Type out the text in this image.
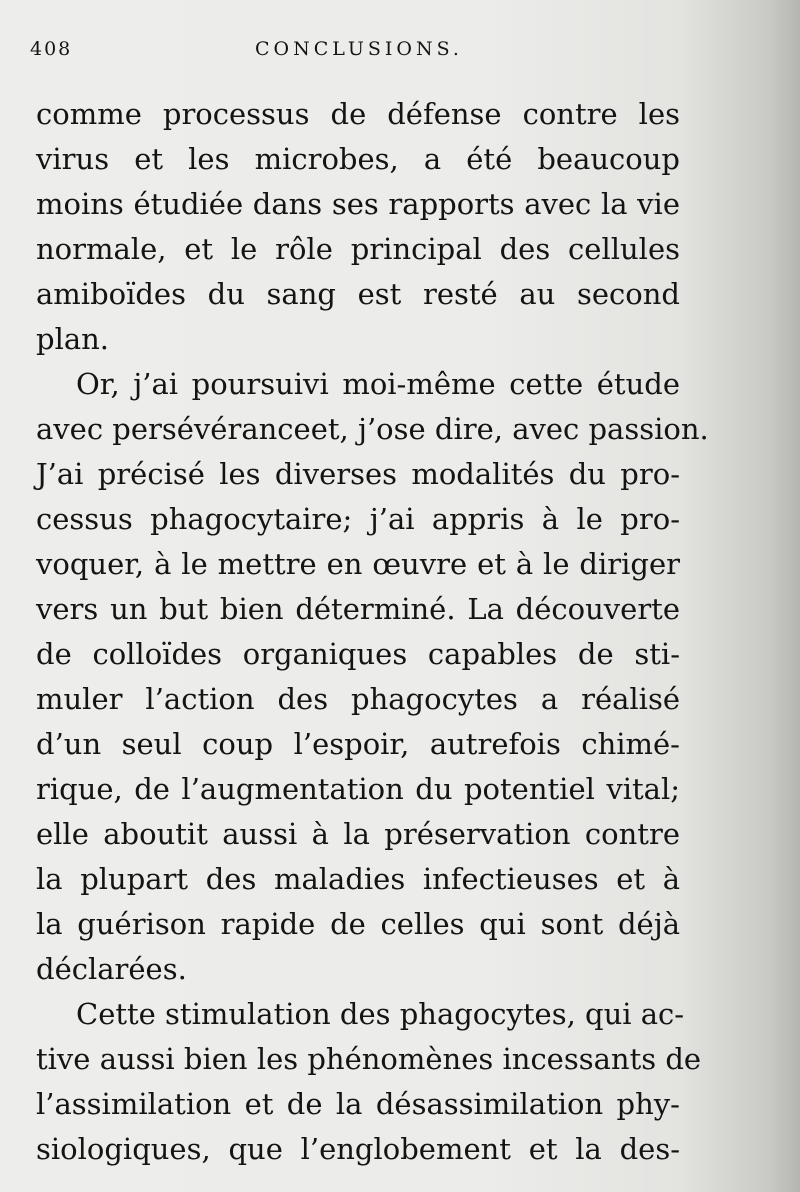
408	CONCLUSIONS.
comme processus de défense contre les
virus et les microbes, a été beaucoup
moins étudiée dans ses rapports avec la vie
normale, et le rôle principal des cellules
amiboïdes du sang est resté au second
plan.
Or, j’ai poursuivi moi-même cette étude
avec persévéranceet, j’ose dire, avec passion.
J’ai précisé les diverses modalités du pro-
cessus phagocytaire; j’ai appris à le pro-
voquer, à le mettre en œuvre et à le diriger
vers un but bien déterminé. La découverte
de colloïdes organiques capables de sti-
muler l’action des phagocytes a réalisé
d’un seul coup l’espoir, autrefois chimé-
rique, de l’augmentation du potentiel vital;
elle aboutit aussi à la préservation contre
la plupart des maladies infectieuses et à
la guérison rapide de celles qui sont déjà
déclarées.
Cette stimulation des phagocytes, qui ac-
tive aussi bien les phénomènes incessants de
l’assimilation et de la désassimilation phy-
siologiques, que l’englobement et la des-
